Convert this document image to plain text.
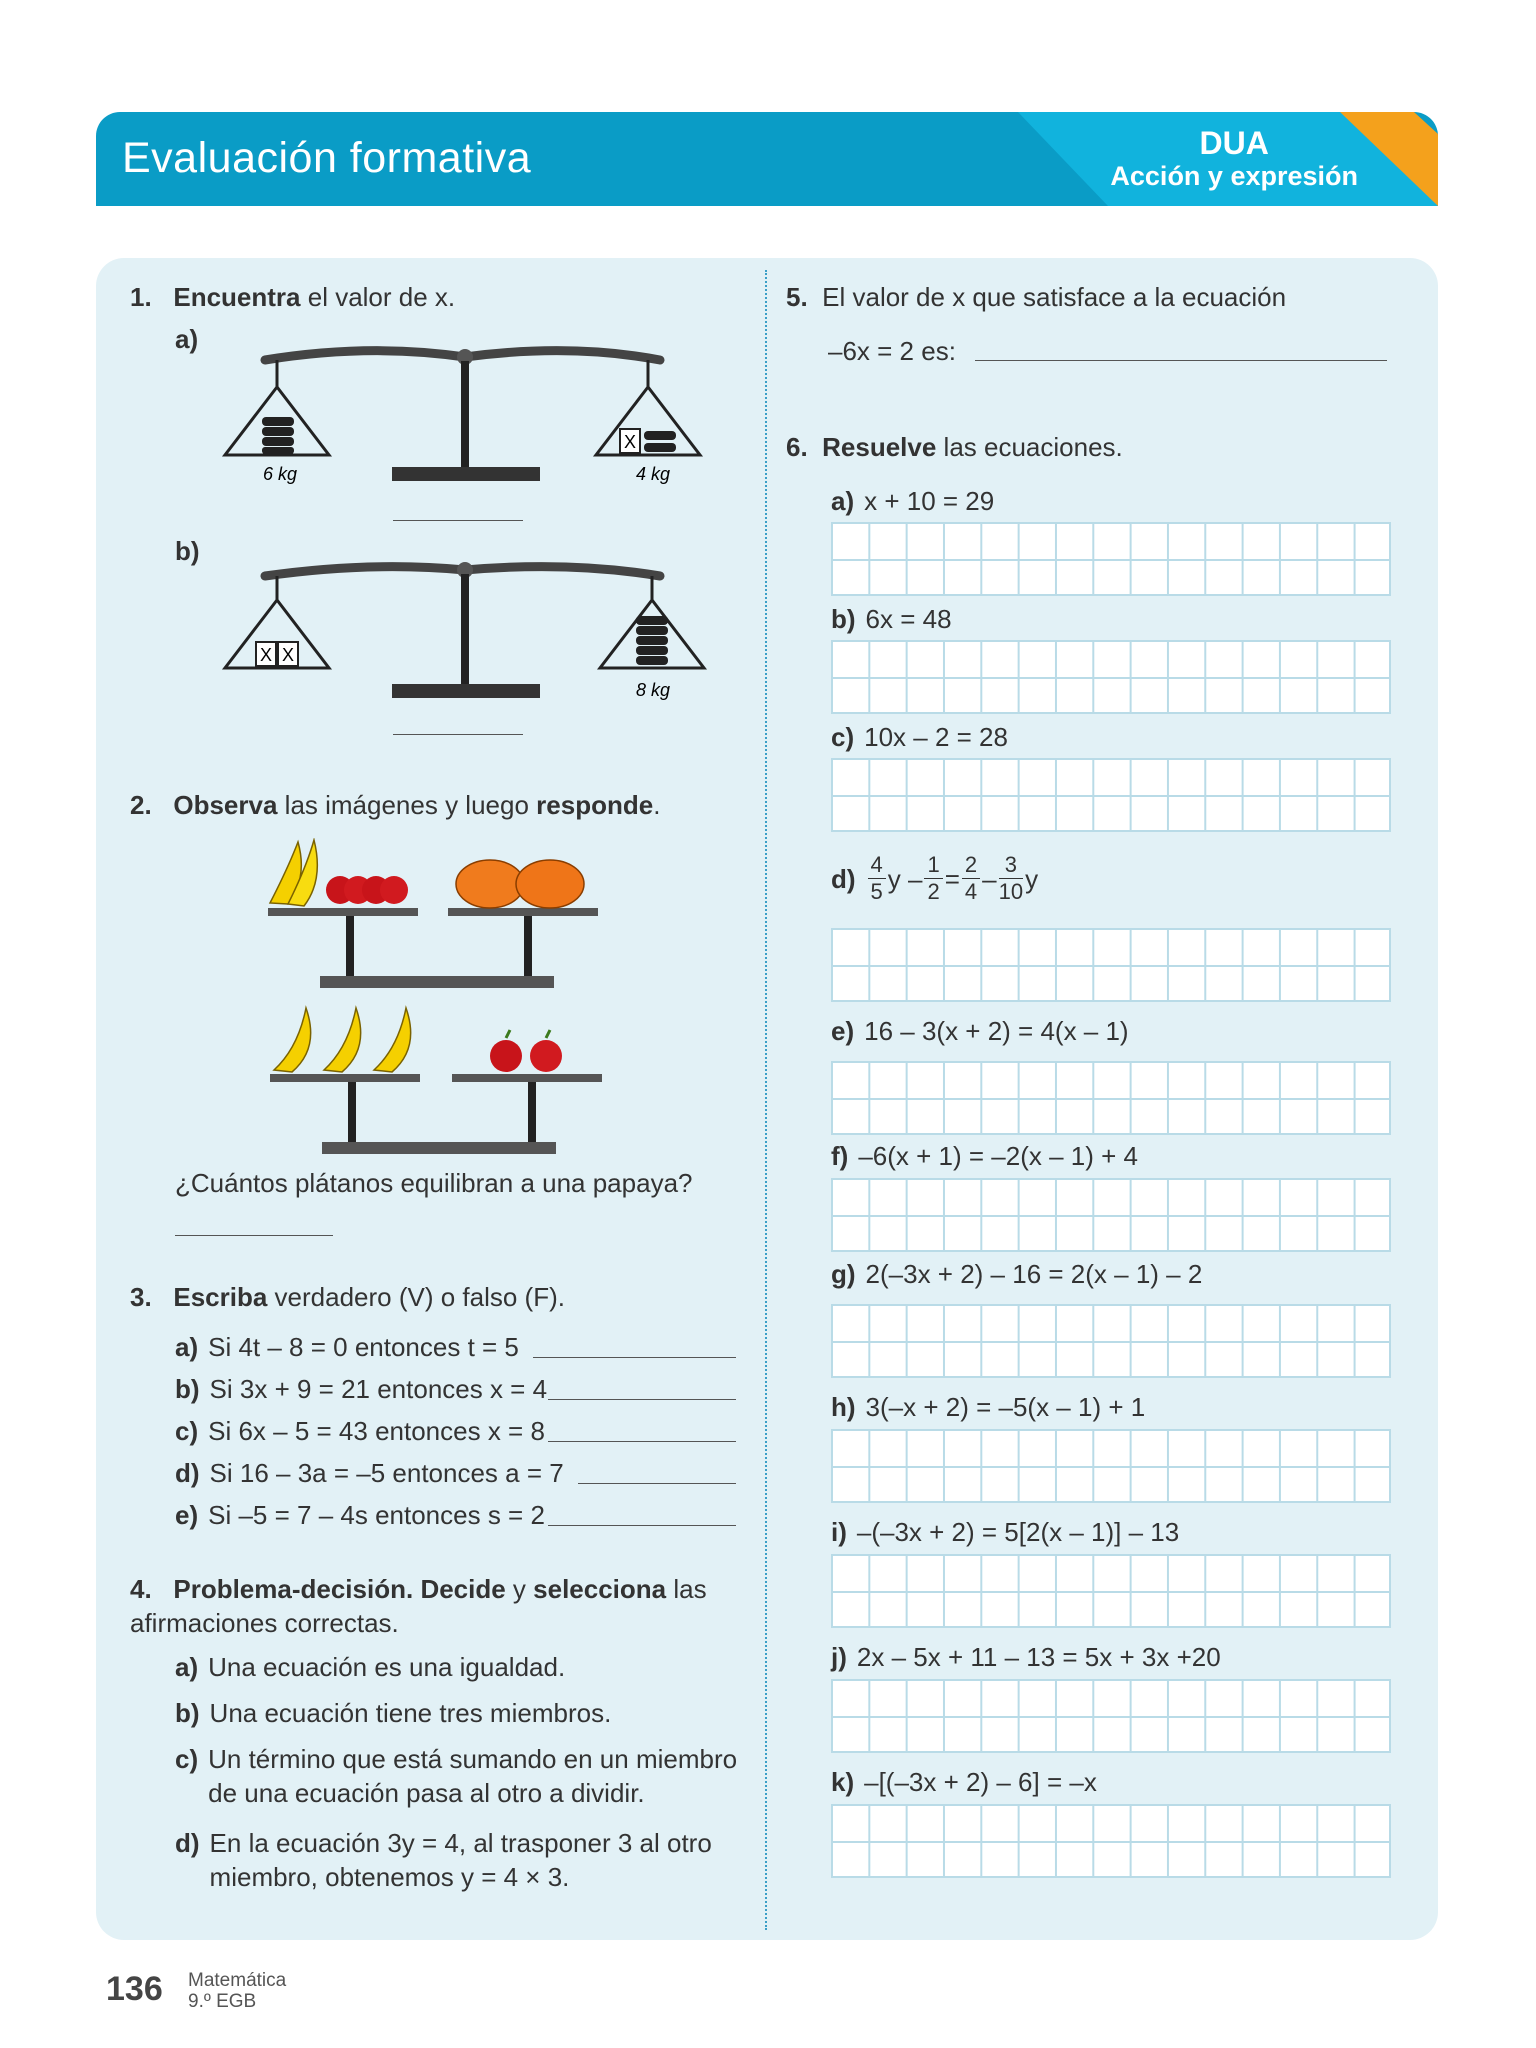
Evaluación formativa	DUA
Acción y expresión
1. Encuentra el valor de x.
a)
X
6 kg	4 kg
b)
X X
8 kg
2. Observa las imágenes y luego responde.
¿Cuántos plátanos equilibran a una papaya?
3. Escriba verdadero (V) o falso (F).
a) Si 4t – 8 = 0 entonces t = 5
b) Si 3x + 9 = 21 entonces x = 4
c) Si 6x – 5 = 43 entonces x = 8
d) Si 16 – 3a = –5 entonces a = 7
e) Si –5 = 7 – 4s entonces s = 2
4. Problema-decisión. Decide y selecciona las afirmaciones correctas.
a) Una ecuación es una igualdad.
b) Una ecuación tiene tres miembros.
c) Un término que está sumando en un miembro de una ecuación pasa al otro a dividir.
d) En la ecuación 3y = 4, al trasponer 3 al otro miembro, obtenemos y = 4 × 3.
5. El valor de x que satisface a la ecuación
–6x = 2 es:
6. Resuelve las ecuaciones.
a) x + 10 = 29
b) 6x = 48
c) 10x – 2 = 28
$d) \frac{4}{5}$ $y - \frac{1}{2} = \frac{2}{4} - \frac{3}{10}$ y
e) 16 – 3(x + 2) = 4(x – 1)
f) –6(x + 1) = –2(x – 1) + 4
g) 2(–3x + 2) – 16 = 2(x – 1) – 2
h) 3(–x + 2) = –5(x – 1) + 1
i) –(–3x + 2) = 5[2(x – 1)] – 13
j) 2x – 5x + 11 – 13 = 5x + 3x +20
k) –[(–3x + 2) – 6] = –x
136 Matemática
9.º EGB
